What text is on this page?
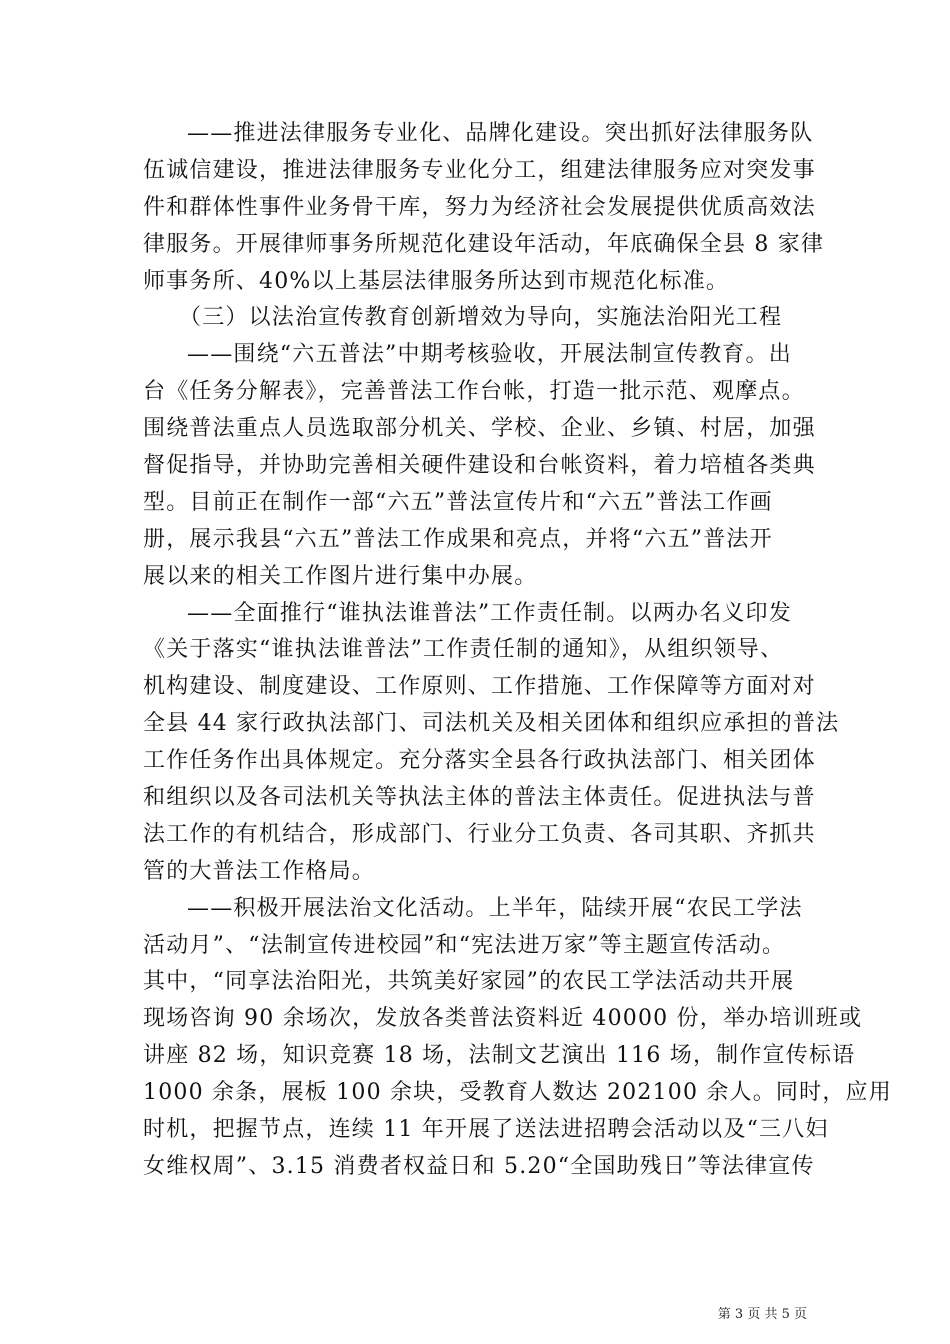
——推进法律服务专业化、品牌化建设。突出抓好法律服务队
伍诚信建设，推进法律服务专业化分工，组建法律服务应对突发事
件和群体性事件业务骨干库，努力为经济社会发展提供优质高效法
律服务。开展律师事务所规范化建设年活动，年底确保全县 8 家律
师事务所、40%以上基层法律服务所达到市规范化标准。
（三）以法治宣传教育创新增效为导向，实施法治阳光工程
——围绕“六五普法”中期考核验收，开展法制宣传教育。出
台《任务分解表》，完善普法工作台帐，打造一批示范、观摩点。
围绕普法重点人员选取部分机关、学校、企业、乡镇、村居，加强
督促指导，并协助完善相关硬件建设和台帐资料，着力培植各类典
型。目前正在制作一部“六五”普法宣传片和“六五”普法工作画
册，展示我县“六五”普法工作成果和亮点，并将“六五”普法开
展以来的相关工作图片进行集中办展。
——全面推行“谁执法谁普法”工作责任制。以两办名义印发
《关于落实“谁执法谁普法”工作责任制的通知》，从组织领导、
机构建设、制度建设、工作原则、工作措施、工作保障等方面对对
全县 44 家行政执法部门、司法机关及相关团体和组织应承担的普法
工作任务作出具体规定。充分落实全县各行政执法部门、相关团体
和组织以及各司法机关等执法主体的普法主体责任。促进执法与普
法工作的有机结合，形成部门、行业分工负责、各司其职、齐抓共
管的大普法工作格局。
——积极开展法治文化活动。上半年，陆续开展“农民工学法
活动月”、“法制宣传进校园”和“宪法进万家”等主题宣传活动。
其中，“同享法治阳光，共筑美好家园”的农民工学法活动共开展
现场咨询 90 余场次，发放各类普法资料近 40000 份，举办培训班或
讲座 82 场，知识竞赛 18 场，法制文艺演出 116 场，制作宣传标语
1000 余条，展板 100 余块，受教育人数达 202100 余人。同时，应用
时机，把握节点，连续 11 年开展了送法进招聘会活动以及“三八妇
女维权周”、3.15 消费者权益日和 5.20“全国助残日”等法律宣传
第 3 页 共 5 页
